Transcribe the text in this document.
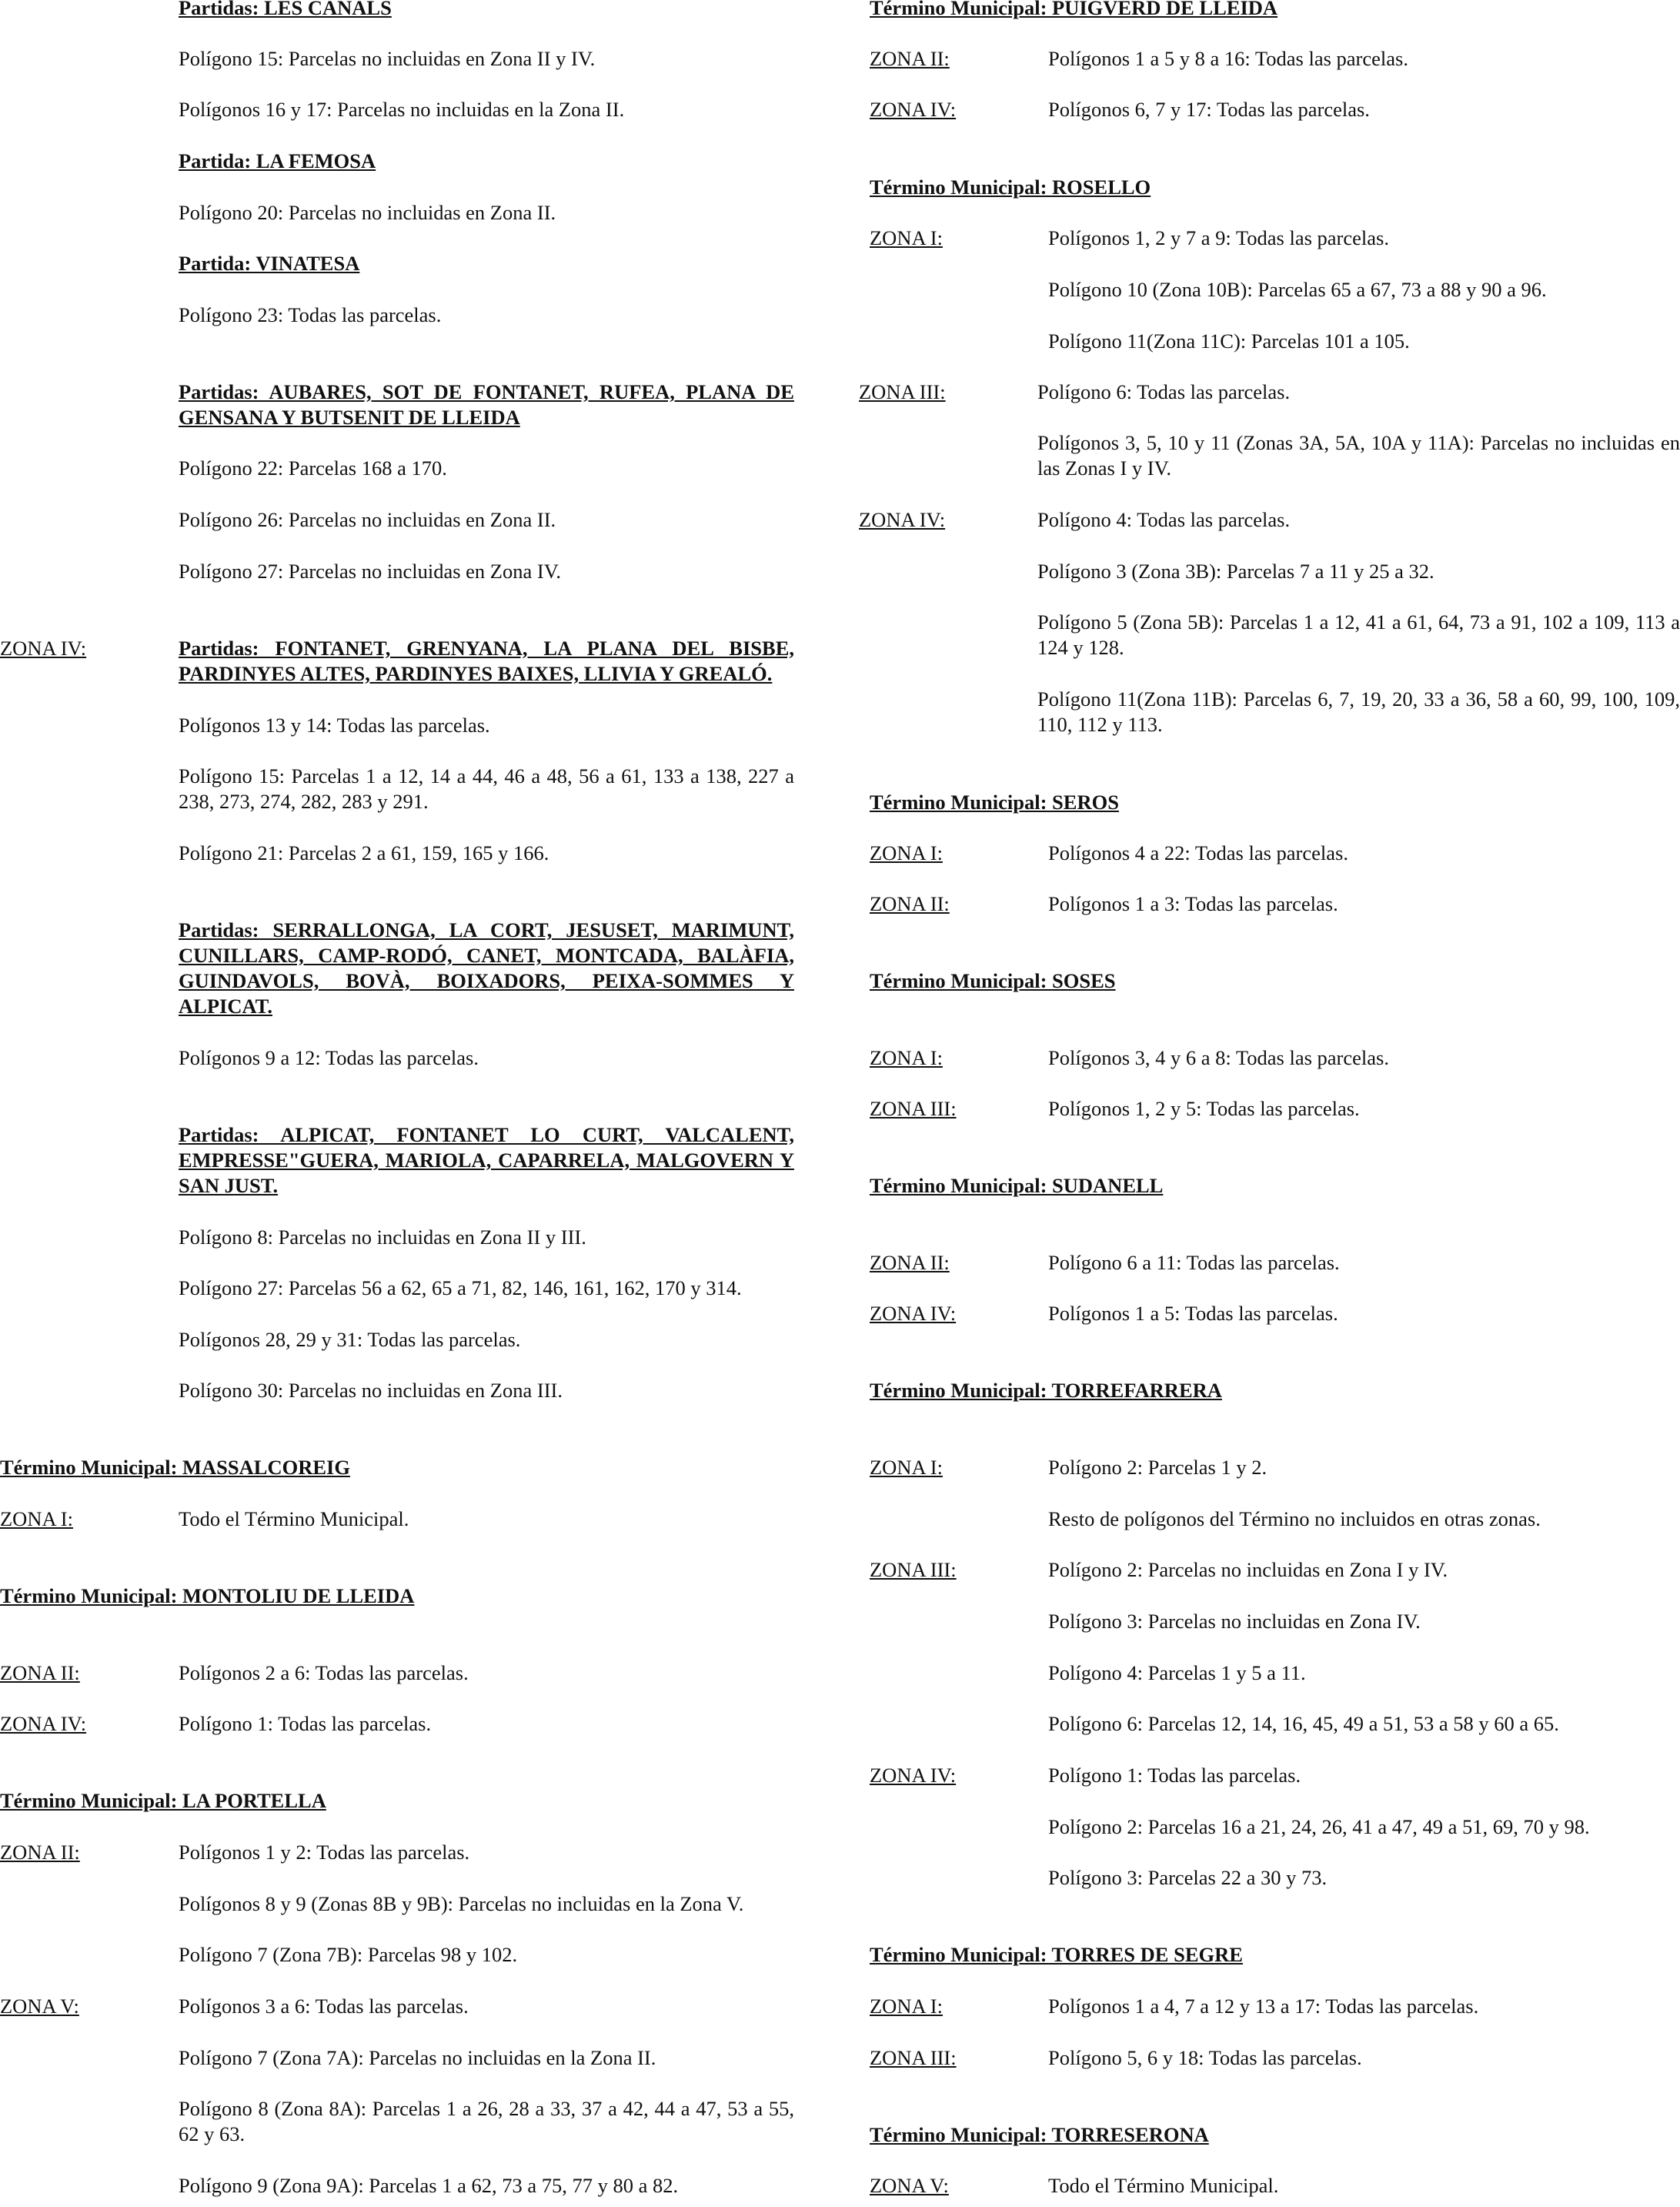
Partidas: LES CANALS
Polígono 15: Parcelas no incluidas en Zona II y IV.
Polígonos 16 y 17: Parcelas no incluidas en la Zona II.
Partida: LA FEMOSA
Polígono 20: Parcelas no incluidas en Zona II.
Partida: VINATESA
Polígono 23: Todas las parcelas.
Partidas: AUBARES, SOT DE FONTANET, RUFEA, PLANA DE
GENSANA Y BUTSENIT DE LLEIDA
Polígono 22: Parcelas 168 a 170.
Polígono 26: Parcelas no incluidas en Zona II.
Polígono 27: Parcelas no incluidas en Zona IV.
ZONA IV:	Partidas: FONTANET, GRENYANA, LA PLANA DEL BISBE,
PARDINYES ALTES, PARDINYES BAIXES, LLIVIA Y GREALÓ.
Polígonos 13 y 14: Todas las parcelas.
Polígono 15: Parcelas 1 a 12, 14 a 44, 46 a 48, 56 a 61, 133 a 138, 227 a 238, 273, 274, 282, 283 y 291.
Polígono 21: Parcelas 2 a 61, 159, 165 y 166.
Partidas: SERRALLONGA, LA CORT, JESUSET, MARIMUNT,
CUNILLARS, CAMP-RODÓ, CANET, MONTCADA, BALÀFIA,
GUINDAVOLS, BOVÀ, BOIXADORS, PEIXA-SOMMES Y
ALPICAT.
Polígonos 9 a 12: Todas las parcelas.
Partidas: ALPICAT, FONTANET LO CURT, VALCALENT,
EMPRESSE"GUERA, MARIOLA, CAPARRELA, MALGOVERN Y
SAN JUST.
Polígono 8: Parcelas no incluidas en Zona II y III.
Polígono 27: Parcelas 56 a 62, 65 a 71, 82, 146, 161, 162, 170 y 314.
Polígonos 28, 29 y 31: Todas las parcelas.
Polígono 30: Parcelas no incluidas en Zona III.
Término Municipal: MASSALCOREIG
ZONA I:	Todo el Término Municipal.
Término Municipal: MONTOLIU DE LLEIDA
ZONA II:	Polígonos 2 a 6: Todas las parcelas.
ZONA IV:	Polígono 1: Todas las parcelas.
Término Municipal: LA PORTELLA
ZONA II:	Polígonos 1 y 2: Todas las parcelas.
Polígonos 8 y 9 (Zonas 8B y 9B): Parcelas no incluidas en la Zona V.
Polígono 7 (Zona 7B): Parcelas 98 y 102.
ZONA V:	Polígonos 3 a 6: Todas las parcelas.
Polígono 7 (Zona 7A): Parcelas no incluidas en la Zona II.
Polígono 8 (Zona 8A): Parcelas 1 a 26, 28 a 33, 37 a 42, 44 a 47, 53 a 55, 62 y 63.
Polígono 9 (Zona 9A): Parcelas 1 a 62, 73 a 75, 77 y 80 a 82.
Término Municipal: PUIGVERD DE LLEIDA
ZONA II:	Polígonos 1 a 5 y 8 a 16: Todas las parcelas.
ZONA IV:	Polígonos 6, 7 y 17: Todas las parcelas.
Término Municipal: ROSELLO
ZONA I:	Polígonos 1, 2 y 7 a 9: Todas las parcelas.
Polígono 10 (Zona 10B): Parcelas 65 a 67, 73 a 88 y 90 a 96.
Polígono 11(Zona 11C): Parcelas 101 a 105.
ZONA III:	Polígono 6: Todas las parcelas.
Polígonos 3, 5, 10 y 11 (Zonas 3A, 5A, 10A y 11A): Parcelas no incluidas en las Zonas I y IV.
ZONA IV:	Polígono 4: Todas las parcelas.
Polígono 3 (Zona 3B): Parcelas 7 a 11 y 25 a 32.
Polígono 5 (Zona 5B): Parcelas 1 a 12, 41 a 61, 64, 73 a 91, 102 a 109, 113 a 124 y 128.
Polígono 11(Zona 11B): Parcelas 6, 7, 19, 20, 33 a 36, 58 a 60, 99, 100, 109, 110, 112 y 113.
Término Municipal: SEROS
ZONA I:	Polígonos 4 a 22: Todas las parcelas.
ZONA II:	Polígonos 1 a 3: Todas las parcelas.
Término Municipal: SOSES
ZONA I:	Polígonos 3, 4 y 6 a 8: Todas las parcelas.
ZONA III:	Polígonos 1, 2 y 5: Todas las parcelas.
Término Municipal: SUDANELL
ZONA II:	Polígono 6 a 11: Todas las parcelas.
ZONA IV:	Polígonos 1 a 5: Todas las parcelas.
Término Municipal: TORREFARRERA
ZONA I:	Polígono 2: Parcelas 1 y 2.
Resto de polígonos del Término no incluidos en otras zonas.
ZONA III:	Polígono 2: Parcelas no incluidas en Zona I y IV.
Polígono 3: Parcelas no incluidas en Zona IV.
Polígono 4: Parcelas 1 y 5 a 11.
Polígono 6: Parcelas 12, 14, 16, 45, 49 a 51, 53 a 58 y 60 a 65.
ZONA IV:	Polígono 1: Todas las parcelas.
Polígono 2: Parcelas 16 a 21, 24, 26, 41 a 47, 49 a 51, 69, 70 y 98.
Polígono 3: Parcelas 22 a 30 y 73.
Término Municipal: TORRES DE SEGRE
ZONA I:	Polígonos 1 a 4, 7 a 12 y 13 a 17: Todas las parcelas.
ZONA III:	Polígono 5, 6 y 18: Todas las parcelas.
Término Municipal: TORRESERONA
ZONA V:	Todo el Término Municipal.
